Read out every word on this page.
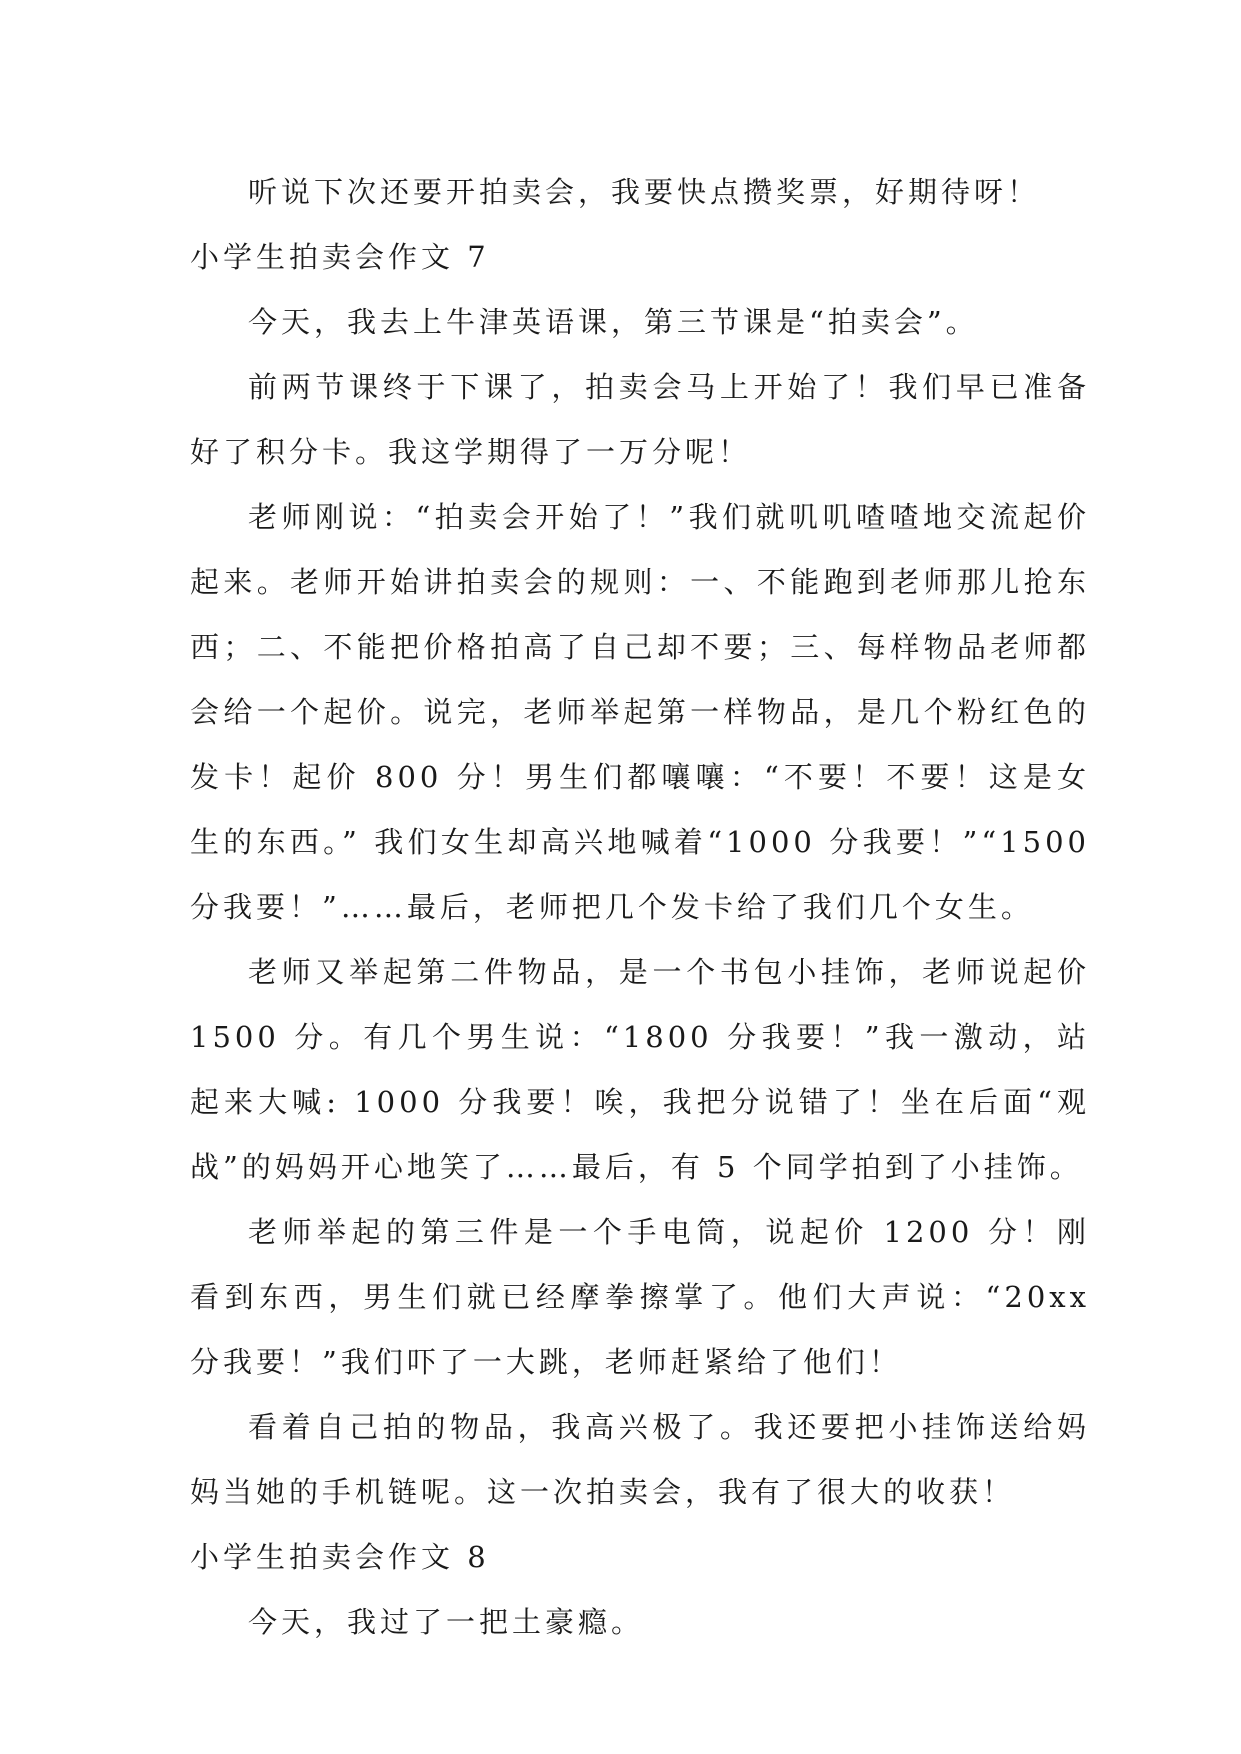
听说下次还要开拍卖会，我要快点攒奖票，好期待呀！

小学生拍卖会作文 7

今天，我去上牛津英语课，第三节课是“拍卖会”。

前两节课终于下课了，拍卖会马上开始了！我们早已准备好了积分卡。我这学期得了一万分呢！

老师刚说：“拍卖会开始了！”我们就叽叽喳喳地交流起价起来。老师开始讲拍卖会的规则：一、不能跑到老师那儿抢东西；二、不能把价格拍高了自己却不要；三、每样物品老师都会给一个起价。说完，老师举起第一样物品，是几个粉红色的发卡！起价 800 分！男生们都嚷嚷：“不要！不要！这是女生的东西。” 我们女生却高兴地喊着“1000 分我要！”“1500 分我要！”……最后，老师把几个发卡给了我们几个女生。

老师又举起第二件物品，是一个书包小挂饰，老师说起价 1500 分。有几个男生说：“1800 分我要！”我一激动，站起来大喊: 1000 分我要！唉，我把分说错了！坐在后面“观战”的妈妈开心地笑了……最后，有 5 个同学拍到了小挂饰。

老师举起的第三件是一个手电筒，说起价 1200 分！刚看到东西，男生们就已经摩拳擦掌了。他们大声说：“20xx 分我要！”我们吓了一大跳，老师赶紧给了他们！

看着自己拍的物品，我高兴极了。我还要把小挂饰送给妈妈当她的手机链呢。这一次拍卖会，我有了很大的收获！

小学生拍卖会作文 8

今天，我过了一把土豪瘾。
